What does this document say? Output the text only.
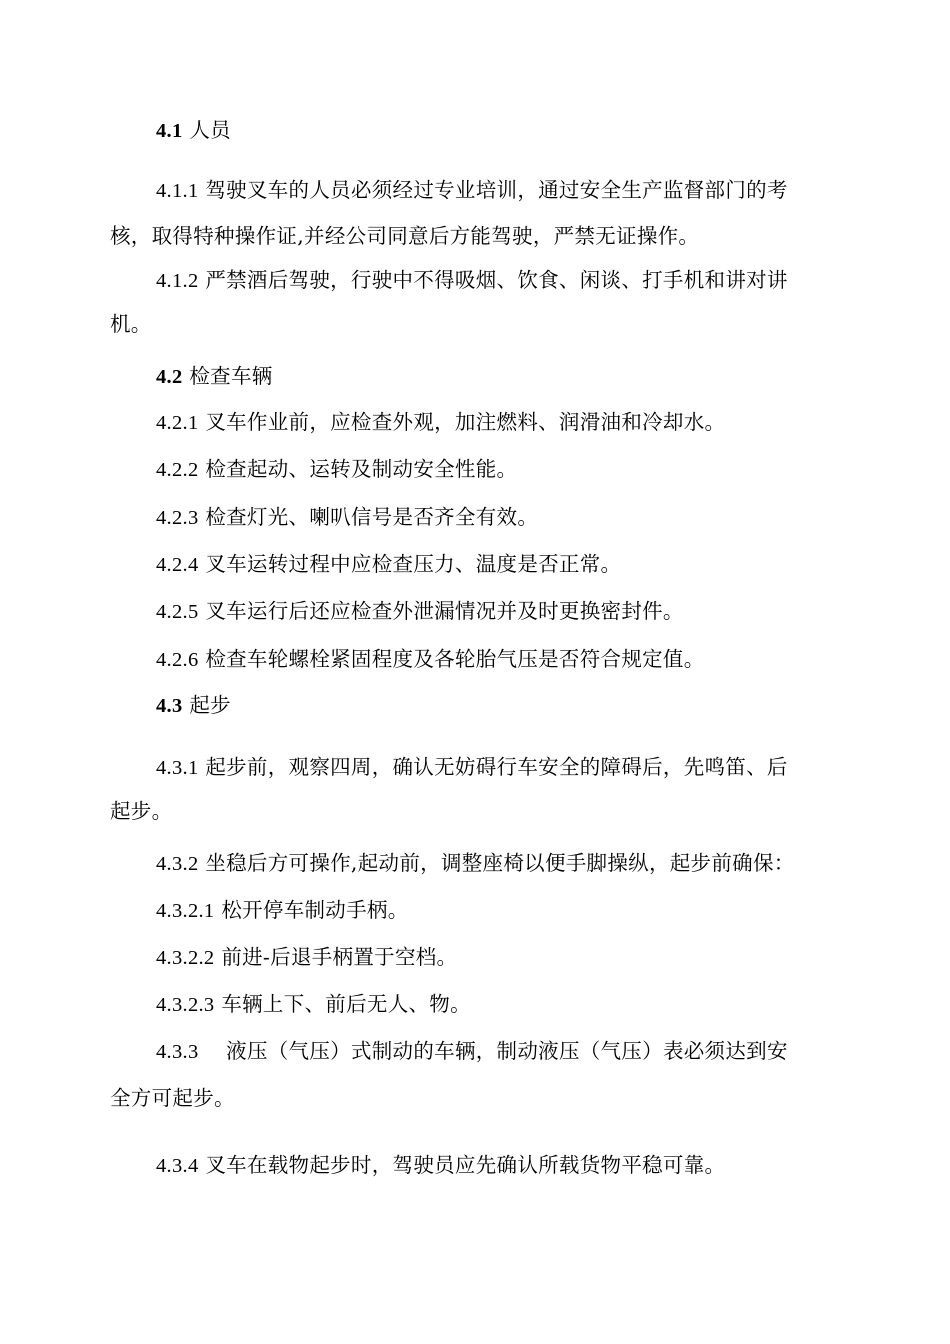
4.1 人员
4.1.1 驾驶叉车的人员必须经过专业培训，通过安全生产监督部门的考
核，取得特种操作证,并经公司同意后方能驾驶，严禁无证操作。
4.1.2 严禁酒后驾驶，行驶中不得吸烟、饮食、闲谈、打手机和讲对讲
机。
4.2 检查车辆
4.2.1 叉车作业前，应检查外观，加注燃料、润滑油和冷却水。
4.2.2 检查起动、运转及制动安全性能。
4.2.3 检查灯光、喇叭信号是否齐全有效。
4.2.4 叉车运转过程中应检查压力、温度是否正常。
4.2.5 叉车运行后还应检查外泄漏情况并及时更换密封件。
4.2.6 检查车轮螺栓紧固程度及各轮胎气压是否符合规定值。
4.3 起步
4.3.1 起步前，观察四周，确认无妨碍行车安全的障碍后，先鸣笛、后
起步。
4.3.2 坐稳后方可操作,起动前，调整座椅以便手脚操纵，起步前确保：
4.3.2.1 松开停车制动手柄。
4.3.2.2 前进-后退手柄置于空档。
4.3.2.3 车辆上下、前后无人、物。
4.3.3 液压（气压）式制动的车辆，制动液压（气压）表必须达到安
全方可起步。
4.3.4 叉车在载物起步时，驾驶员应先确认所载货物平稳可靠。
